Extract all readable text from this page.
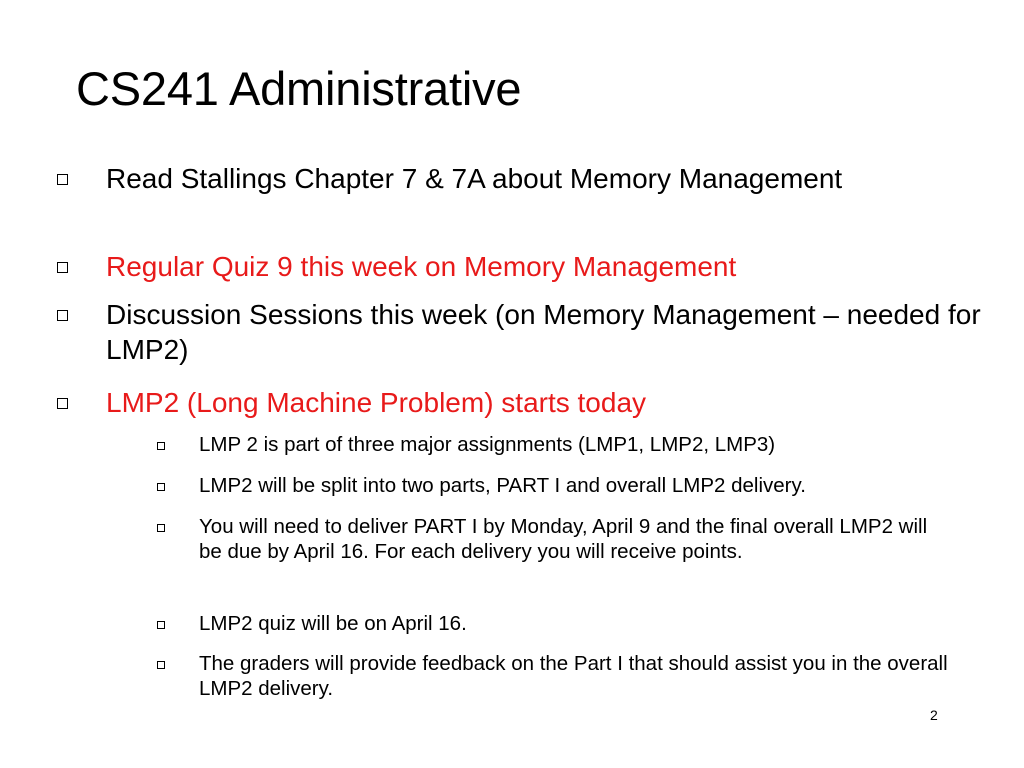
CS241 Administrative
Read Stallings Chapter 7 & 7A about Memory Management
Regular Quiz 9 this week on Memory Management
Discussion Sessions this week (on Memory Management – needed for LMP2)
LMP2 (Long Machine Problem) starts today
LMP 2 is part of three major assignments (LMP1, LMP2, LMP3)
LMP2 will be split into two parts, PART I and overall LMP2 delivery.
You will need to deliver PART I by Monday, April 9 and the final overall LMP2 will be due by April 16. For each delivery you will receive points.
LMP2 quiz will be on April 16.
The graders will provide feedback on the Part I that should assist you in the overall LMP2 delivery.
2
